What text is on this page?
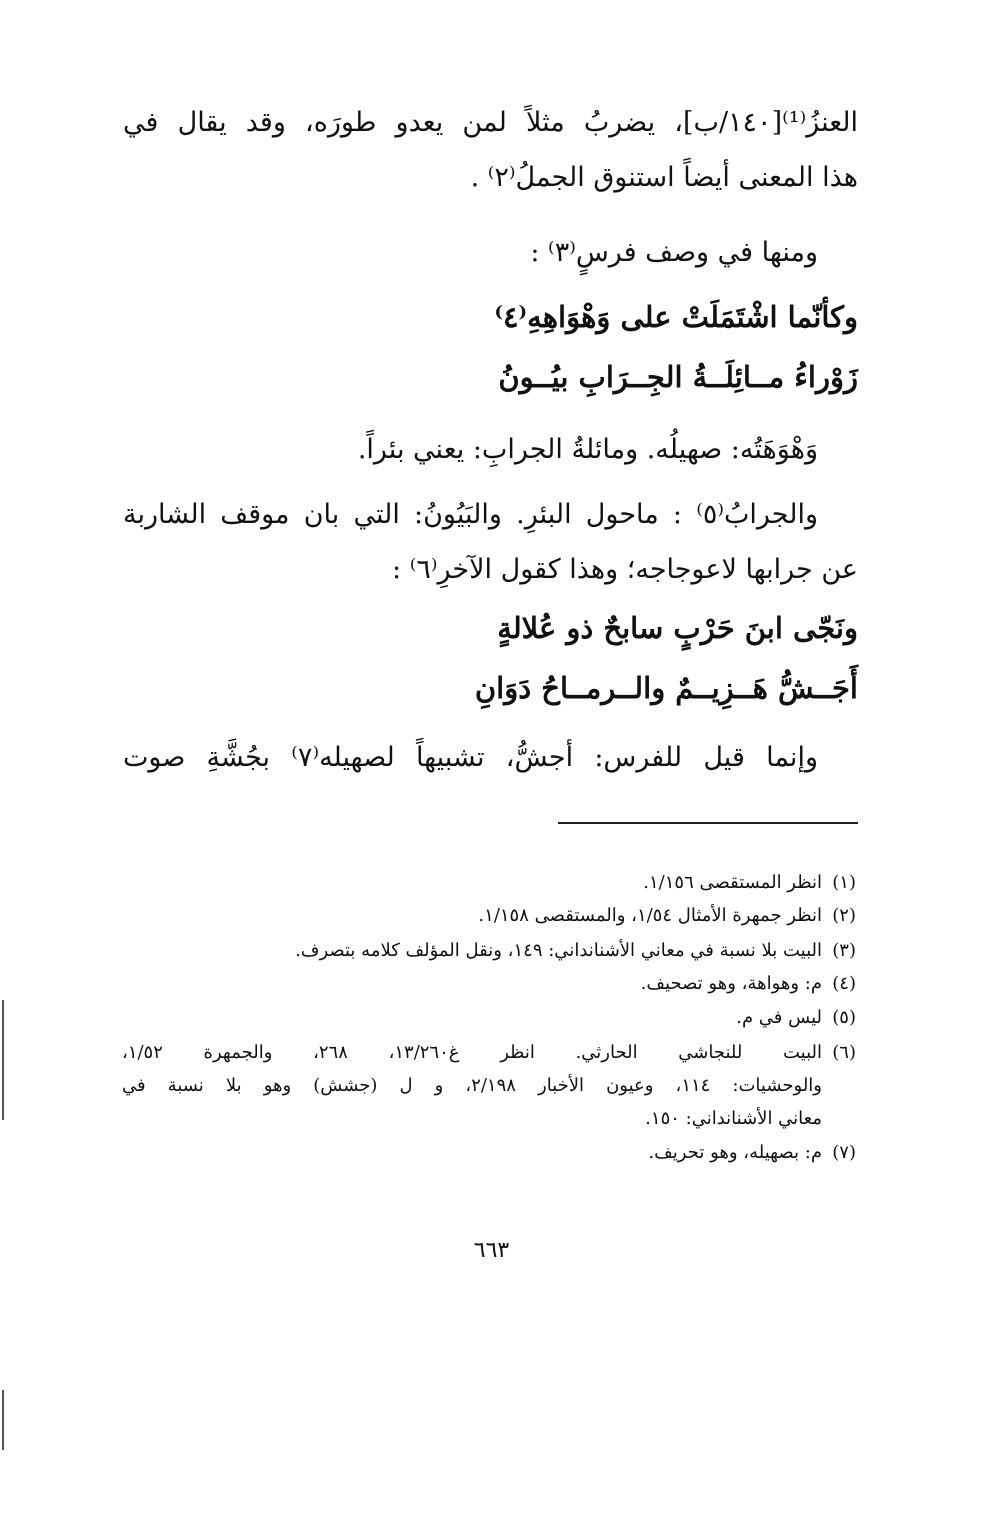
العنزُ⁽¹⁾[١٤٠/ب]، يضربُ مثلاً لمن يعدو طورَه، وقد يقال في
هذا المعنى أيضاً استنوق الجملُ⁽٢⁾ .
ومنها في وصف فرسٍ⁽٣⁾ :
وكأنّما اشْتَمَلَتْ على وَهْوَاهِهِ⁽٤⁾
زَوْراءُ مــائِلَــةُ الجِــرَابِ بيُــونُ
وَهْوَهَتُه: صهيلُه. ومائلةُ الجرابِ: يعني بئراً.
والجرابُ⁽٥⁾ : ماحول البئرِ. والبَيُونُ: التي بان موقف الشاربة
عن جرابها لاعوجاجه؛ وهذا كقول الآخرِ⁽٦⁾ :
ونَجّى ابنَ حَرْبٍ سابحٌ ذو عُلالةٍ
أَجَــشُّ هَــزِيــمٌ والــرمــاحُ دَوَانِ
وإنما قيل للفرس: أجشُّ، تشبيهاً لصهيله⁽٧⁾ بجُشَّةِ صوت
(١)انظر المستقصى ١/١٥٦.
(٢)انظر جمهرة الأمثال ١/٥٤، والمستقصى ١/١٥٨.
(٣)البيت بلا نسبة في معاني الأشنانداني: ١٤٩، ونقل المؤلف كلامه بتصرف.
(٤)م: وهواهة، وهو تصحيف.
(٥)ليس في م.
(٦)البيت للنجاشي الحارثي. انظر غ١٣/٢٦٠، ٢٦٨، والجمهرة ١/٥٢،
والوحشيات: ١١٤، وعيون الأخبار ٢/١٩٨، و ل (جشش) وهو بلا نسبة في
معاني الأشنانداني: ١٥٠.
(٧)م: بصهيله، وهو تحريف.
٦٦٣
